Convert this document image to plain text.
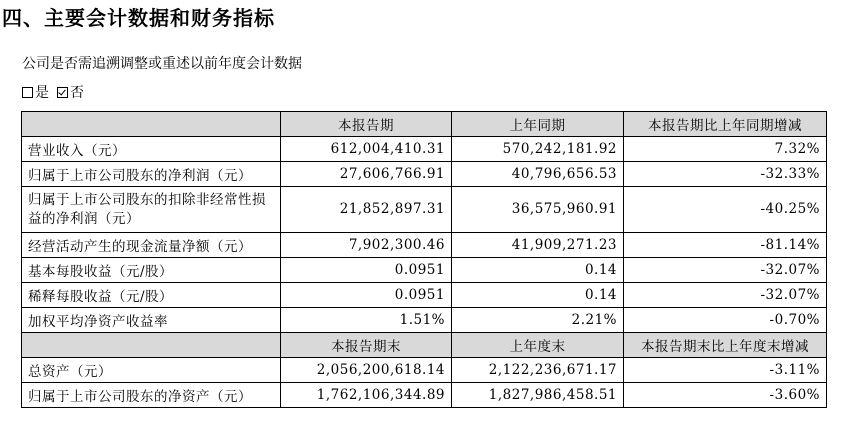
四、主要会计数据和财务指标
公司是否需追溯调整或重述以前年度会计数据
是 否
	本报告期	上年同期	本报告期比上年同期增减
营业收入（元）	612,004,410.31	570,242,181.92	7.32%
归属于上市公司股东的净利润（元）	27,606,766.91	40,796,656.53	-32.33%
归属于上市公司股东的扣除非经常性损益的净利润（元）	21,852,897.31	36,575,960.91	-40.25%
经营活动产生的现金流量净额（元）	7,902,300.46	41,909,271.23	-81.14%
基本每股收益（元/股）	0.0951	0.14	-32.07%
稀释每股收益（元/股）	0.0951	0.14	-32.07%
加权平均净资产收益率	1.51%	2.21%	-0.70%
	本报告期末	上年度末	本报告期末比上年度末增减
总资产（元）	2,056,200,618.14	2,122,236,671.17	-3.11%
归属于上市公司股东的净资产（元）	1,762,106,344.89	1,827,986,458.51	-3.60%
